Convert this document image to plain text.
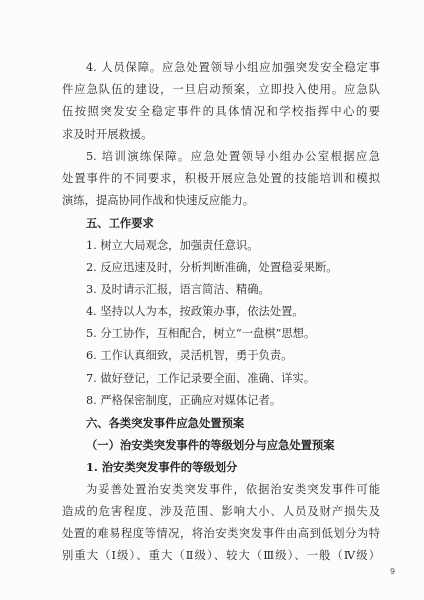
4. 人员保障。应急处置领导小组应加强突发安全稳定事
件应急队伍的建设，一旦启动预案，立即投入使用。应急队
伍按照突发安全稳定事件的具体情况和学校指挥中心的要
求及时开展救援。
5. 培训演练保障。应急处置领导小组办公室根据应急
处置事件的不同要求，积极开展应急处置的技能培训和模拟
演练，提高协同作战和快速反应能力。
五、工作要求
1. 树立大局观念，加强责任意识。
2. 反应迅速及时，分析判断准确，处置稳妥果断。
3. 及时请示汇报，语言简洁、精确。
4. 坚持以人为本，按政策办事，依法处置。
5. 分工协作，互相配合，树立“一盘棋”思想。
6. 工作认真细致，灵活机智，勇于负责。
7. 做好登记，工作记录要全面、准确、详实。
8. 严格保密制度，正确应对媒体记者。
六、各类突发事件应急处置预案
（一）治安类突发事件的等级划分与应急处置预案
1. 治安类突发事件的等级划分
为妥善处置治安类突发事件，依据治安类突发事件可能
造成的危害程度、涉及范围、影响大小、人员及财产损失及
处置的难易程度等情况，将治安类突发事件由高到低划分为特
别重大（Ⅰ级）、重大（Ⅱ级）、较大（Ⅲ级）、一般（Ⅳ级）
9
